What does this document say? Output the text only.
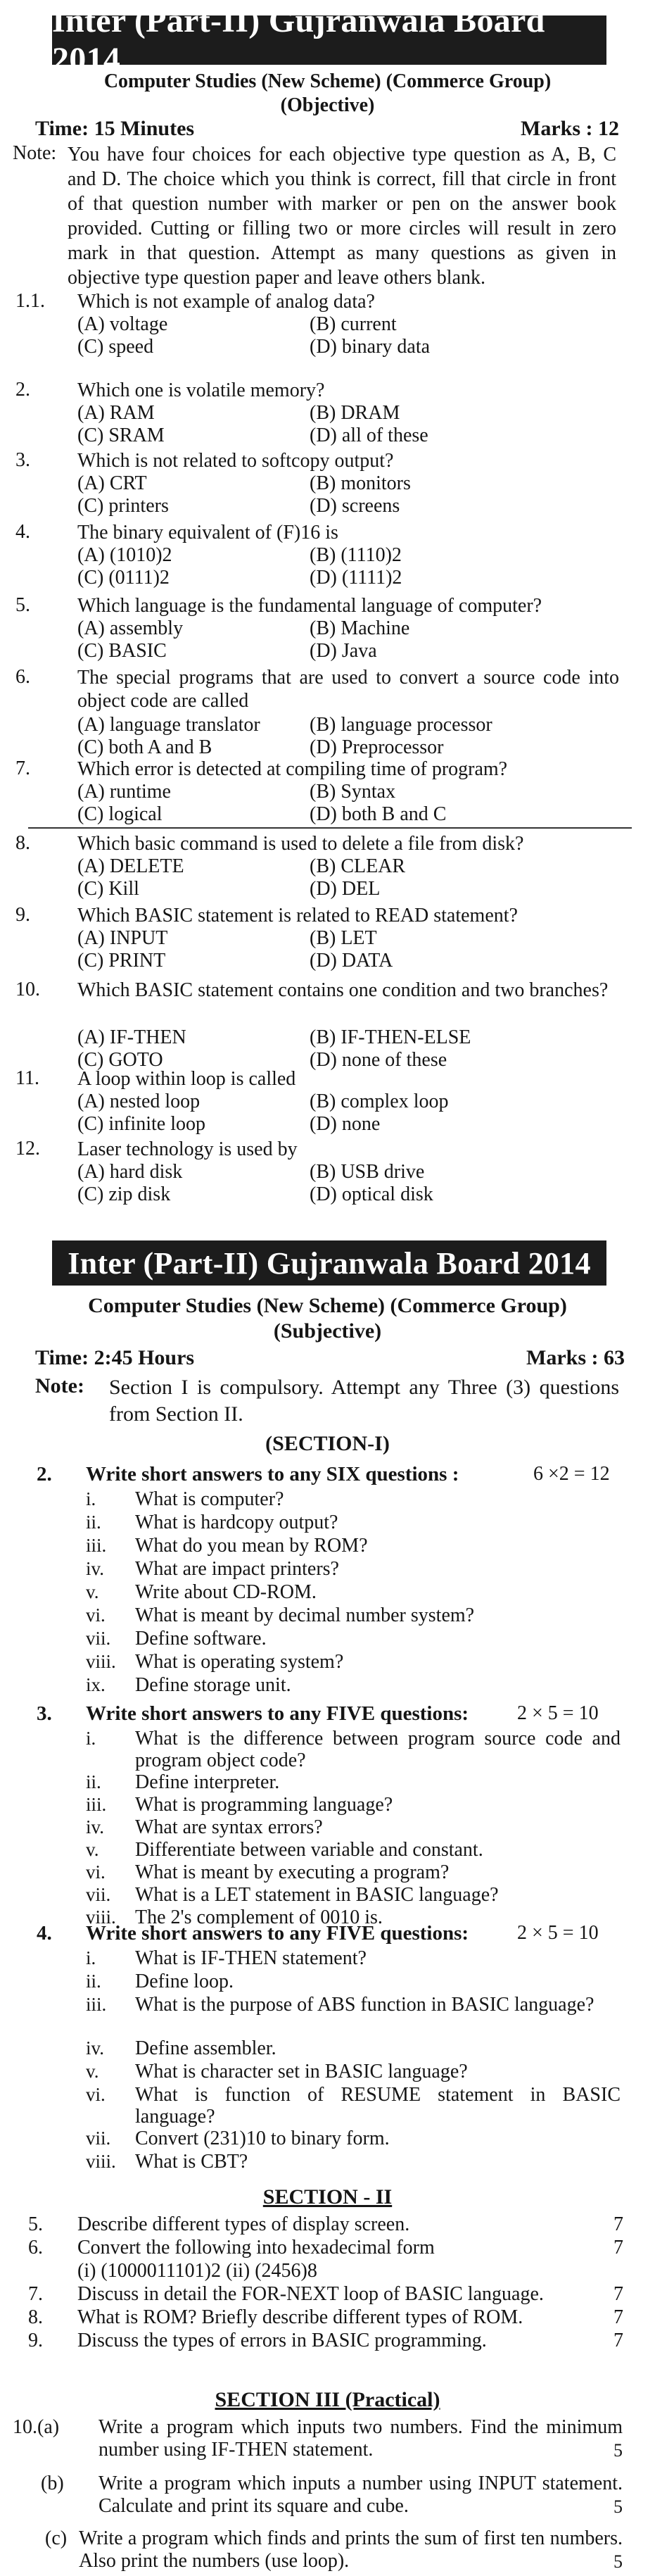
Inter (Part-II) Gujranwala Board 2014
Computer Studies (New Scheme) (Commerce Group)
(Objective)
Time: 15 Minutes	Marks : 12
Note: You have four choices for each objective type question as A, B, C and D. The choice which you think is correct, fill that circle in front of that question number with marker or pen on the answer book provided. Cutting or filling two or more circles will result in zero mark in that question. Attempt as many questions as given in objective type question paper and leave others blank.
1.1. Which is not example of analog data?
(A) voltage	(B) current
(C) speed	(D) binary data
2. Which one is volatile memory?
(A) RAM	(B) DRAM
(C) SRAM	(D) all of these
3. Which is not related to softcopy output?
(A) CRT	(B) monitors
(C) printers	(D) screens
4. The binary equivalent of (F)16 is
(A) (1010)2	(B) (1110)2
(C) (0111)2	(D) (1111)2
5. Which language is the fundamental language of computer?
(A) assembly	(B) Machine
(C) BASIC	(D) Java
6. The special programs that are used to convert a source code into object code are called
(A) language translator	(B) language processor
(C) both A and B	(D) Preprocessor
7. Which error is detected at compiling time of program?
(A) runtime	(B) Syntax
(C) logical	(D) both B and C
8. Which basic command is used to delete a file from disk?
(A) DELETE	(B) CLEAR
(C) Kill	(D) DEL
9. Which BASIC statement is related to READ statement?
(A) INPUT	(B) LET
(C) PRINT	(D) DATA
10. Which BASIC statement contains one condition and two branches?
(A) IF-THEN	(B) IF-THEN-ELSE
(C) GOTO	(D) none of these
11. A loop within loop is called
(A) nested loop	(B) complex loop
(C) infinite loop	(D) none
12. Laser technology is used by
(A) hard disk	(B) USB drive
(C) zip disk	(D) optical disk
Inter (Part-II) Gujranwala Board 2014
Computer Studies (New Scheme) (Commerce Group)
(Subjective)
Time: 2:45 Hours	Marks : 63
Note: Section I is compulsory. Attempt any Three (3) questions from Section II.
(SECTION-I)
2. Write short answers to any SIX questions :	6 ×2 = 12
i. What is computer?
ii. What is hardcopy output?
iii. What do you mean by ROM?
iv. What are impact printers?
v. Write about CD-ROM.
vi. What is meant by decimal number system?
vii. Define software.
viii. What is operating system?
ix. Define storage unit.
3. Write short answers to any FIVE questions: 2 × 5 = 10
i. What is the difference between program source code and program object code?
ii. Define interpreter.
iii. What is programming language?
iv. What are syntax errors?
v. Differentiate between variable and constant.
vi. What is meant by executing a program?
vii. What is a LET statement in BASIC language?
viii. The 2's complement of 0010 is.
4. Write short answers to any FIVE questions: 2 × 5 = 10
i. What is IF-THEN statement?
ii. Define loop.
iii. What is the purpose of ABS function in BASIC language?
iv. Define assembler.
v. What is character set in BASIC language?
vi. What is function of RESUME statement in BASIC language?
vii. Convert (231)10 to binary form.
viii. What is CBT?
SECTION - II
5. Describe different types of display screen.	7
6. Convert the following into hexadecimal form	7
(i) (1000011101)2 (ii) (2456)8
7. Discuss in detail the FOR-NEXT loop of BASIC language.	7
8. What is ROM? Briefly describe different types of ROM.	7
9. Discuss the types of errors in BASIC programming.	7
SECTION III (Practical)
10.(a) Write a program which inputs two numbers. Find the minimum number using IF-THEN statement.	5
(b) Write a program which inputs a number using INPUT statement. Calculate and print its square and cube.	5
(c) Write a program which finds and prints the sum of first ten numbers. Also print the numbers (use loop).	5
